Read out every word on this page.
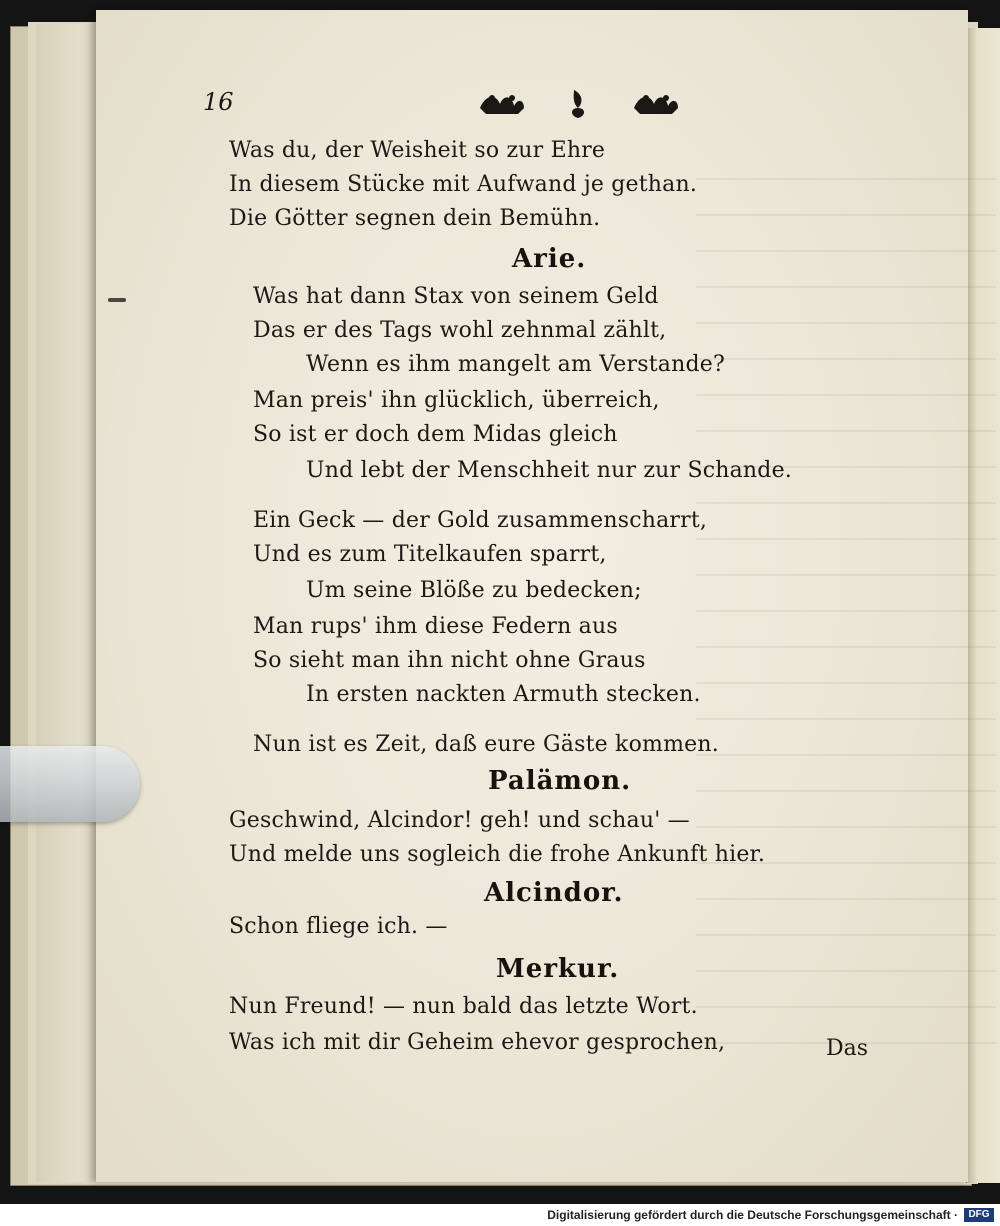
16
Was du, der Weisheit so zur Ehre
In diesem Stücke mit Aufwand je gethan.
Die Götter segnen dein Bemühn.
Arie.
Was hat dann Stax von seinem Geld
Das er des Tags wohl zehnmal zählt,
Wenn es ihm mangelt am Verstande?
Man preis' ihn glücklich, überreich,
So ist er doch dem Midas gleich
Und lebt der Menschheit nur zur Schande.
Ein Geck — der Gold zusammenscharrt,
Und es zum Titelkaufen sparrt,
Um seine Blöße zu bedecken;
Man rups' ihm diese Federn aus
So sieht man ihn nicht ohne Graus
In ersten nackten Armuth stecken.
Nun ist es Zeit, daß eure Gäste kommen.
Palämon.
Geschwind, Alcindor! geh! und schau' —
Und melde uns sogleich die frohe Ankunft hier.
Alcindor.
Schon fliege ich. —
Merkur.
Nun Freund! — nun bald das letzte Wort.
Was ich mit dir Geheim ehevor gesprochen,	Das
Digitalisierung gefördert durch die Deutsche Forschungsgemeinschaft ·	DFG
